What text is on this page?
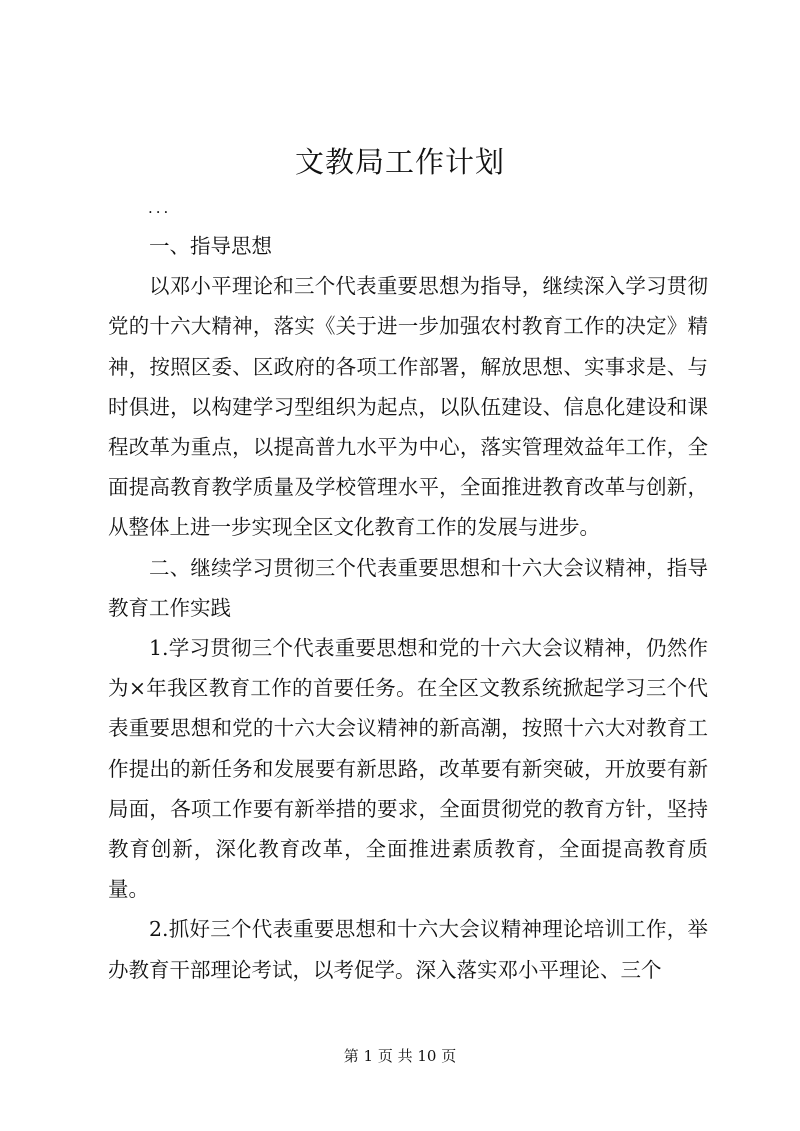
文教局工作计划
...

一、指导思想

以邓小平理论和三个代表重要思想为指导，继续深入学习贯彻党的十六大精神，落实《关于进一步加强农村教育工作的决定》精神，按照区委、区政府的各项工作部署，解放思想、实事求是、与时俱进，以构建学习型组织为起点，以队伍建设、信息化建设和课程改革为重点，以提高普九水平为中心，落实管理效益年工作，全面提高教育教学质量及学校管理水平，全面推进教育改革与创新，从整体上进一步实现全区文化教育工作的发展与进步。

二、继续学习贯彻三个代表重要思想和十六大会议精神，指导教育工作实践

1.学习贯彻三个代表重要思想和党的十六大会议精神，仍然作为×年我区教育工作的首要任务。在全区文教系统掀起学习三个代表重要思想和党的十六大会议精神的新高潮，按照十六大对教育工作提出的新任务和发展要有新思路，改革要有新突破，开放要有新局面，各项工作要有新举措的要求，全面贯彻党的教育方针，坚持教育创新，深化教育改革，全面推进素质教育，全面提高教育质量。

2.抓好三个代表重要思想和十六大会议精神理论培训工作，举办教育干部理论考试，以考促学。深入落实邓小平理论、三个

第 1 页 共 10 页
